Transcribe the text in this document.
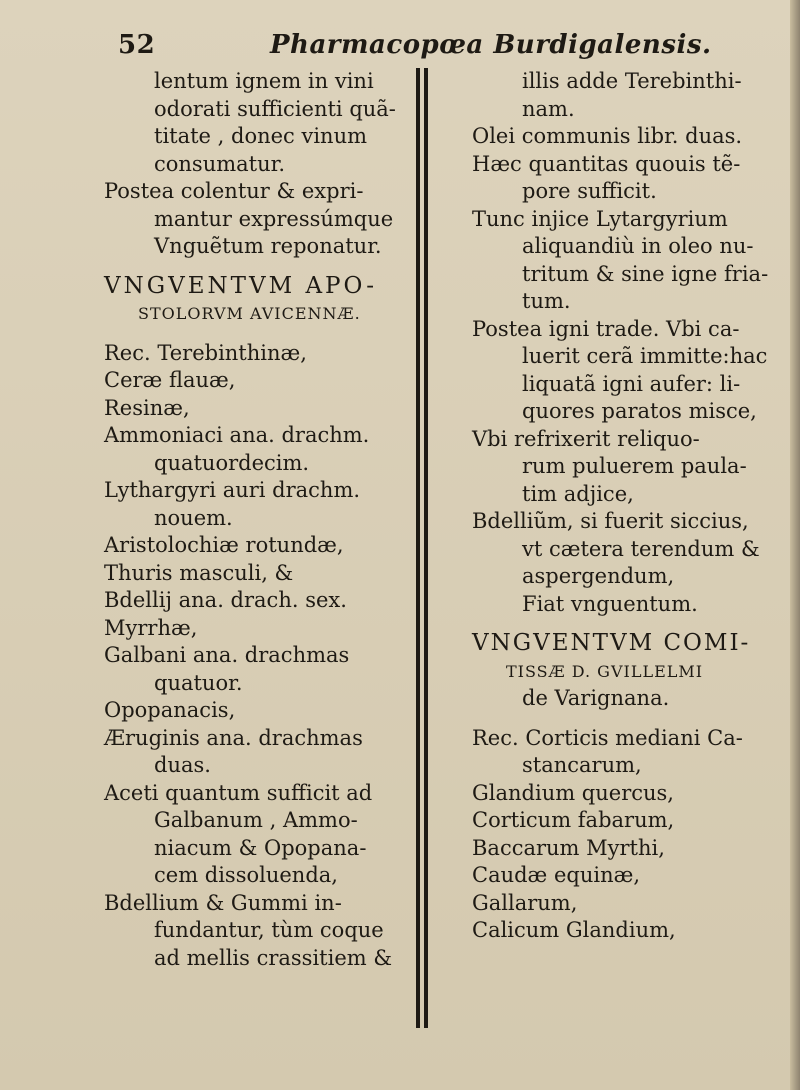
52	Pharmacopœa Burdigalensis.
lentum ignem in vini
odorati sufficienti quã-
titate , donec vinum
consumatur.
Postea colentur & expri-
mantur expressúmque
Vnguẽtum reponatur.
VNGVENTVM APO-
STOLORVM AVICENNÆ.
Rec. Terebinthinæ,
Ceræ flauæ,
Resinæ,
Ammoniaci ana. drachm.
quatuordecim.
Lythargyri auri drachm.
nouem.
Aristolochiæ rotundæ,
Thuris masculi, &
Bdellij ana. drach. sex.
Myrrhæ,
Galbani ana. drachmas
quatuor.
Opopanacis,
Æruginis ana. drachmas
duas.
Aceti quantum sufficit ad
Galbanum , Ammo-
niacum & Opopana-
cem dissoluenda,
Bdellium & Gummi in-
fundantur, tùm coque
ad mellis crassitiem &
illis adde Terebinthi-
nam.
Olei communis libr. duas.
Hæc quantitas quouis tẽ-
pore sufficit.
Tunc injice Lytargyrium
aliquandiù in oleo nu-
tritum & sine igne fria-
tum.
Postea igni trade. Vbi ca-
luerit cerã immitte:hac
liquatã igni aufer: li-
quores paratos misce,
Vbi refrixerit reliquo-
rum puluerem paula-
tim adjice,
Bdelliũm, si fuerit siccius,
vt cætera terendum &
aspergendum,
Fiat vnguentum.
VNGVENTVM COMI-
TISSÆ D. GVILLELMI
de Varignana.
Rec. Corticis mediani Ca-
stancarum,
Glandium quercus,
Corticum fabarum,
Baccarum Myrthi,
Caudæ equinæ,
Gallarum,
Calicum Glandium,
